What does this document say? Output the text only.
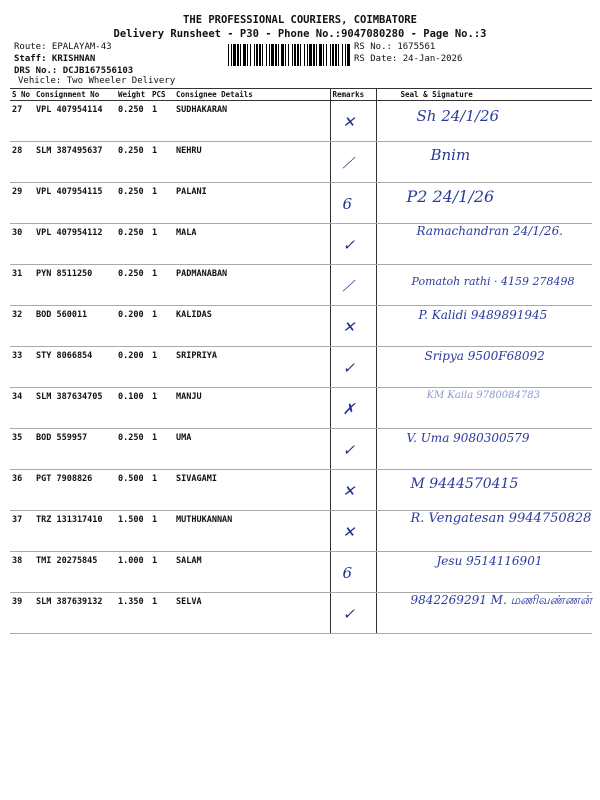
THE PROFESSIONAL COURIERS, COIMBATORE
Delivery Runsheet - P30 - Phone No.:9047080280 - Page No.:3
Route: EPALAYAM-43
Staff: KRISHNAN
DRS No.: DCJB167556103
Vehicle: Two Wheeler Delivery
RS No.: 1675561
RS Date: 24-Jan-2026
S No	Consignment No	Weight	PCS	Consignee Details	Remarks	Seal & Signature
27	VPL 407954114	0.250	1	SUDHAKARAN	✕	Sh 24/1/26

28	SLM 387495637	0.250	1	NEHRU	⟋	Bnim

29	VPL 407954115	0.250	1	PALANI	6	P2 24/1/26

30	VPL 407954112	0.250	1	MALA	✓	Ramachandran 24/1/26.

31	PYN 8511250	0.250	1	PADMANABAN	⟋	Pomatoh rathi · 4159 278498

32	BOD 560011	0.200	1	KALIDAS	✕	P. Kalidi 9489891945

33	STY 8066854	0.200	1	SRIPRIYA	✓	Sripya 9500F68092

34	SLM 387634705	0.100	1	MANJU	✗	KM Kaila 9780084783

35	BOD 559957	0.250	1	UMA	✓	V. Uma 9080300579

36	PGT 7908826	0.500	1	SIVAGAMI	✕	M 9444570415

37	TRZ 131317410	1.500	1	MUTHUKANNAN	✕	R. Vengatesan 9944750828

38	TMI 20275845	1.000	1	SALAM	6	Jesu 9514116901

39	SLM 387639132	1.350	1	SELVA	✓	9842269291 M. மணிவண்ணன்
